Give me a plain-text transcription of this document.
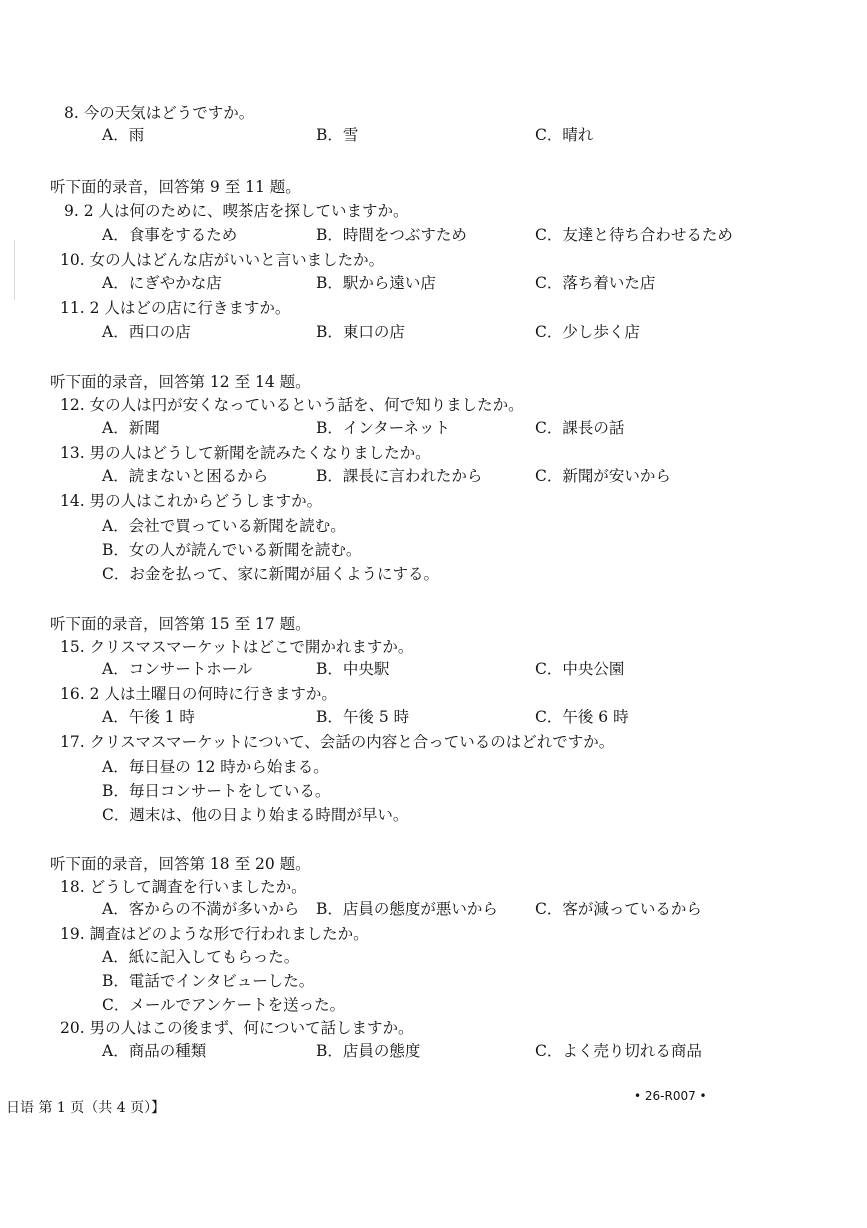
8. 今の天気はどうですか。
A．雨	B．雪	C．晴れ
听下面的录音，回答第 9 至 11 题。
9. 2 人は何のために、喫茶店を探していますか。
A．食事をするため	B．時間をつぶすため	C．友達と待ち合わせるため
10. 女の人はどんな店がいいと言いましたか。
A．にぎやかな店	B．駅から遠い店	C．落ち着いた店
11. 2 人はどの店に行きますか。
A．西口の店	B．東口の店	C．少し歩く店
听下面的录音，回答第 12 至 14 题。
12. 女の人は円が安くなっているという話を、何で知りましたか。
A．新聞	B．インターネット	C．課長の話
13. 男の人はどうして新聞を読みたくなりましたか。
A．読まないと困るから	B．課長に言われたから	C．新聞が安いから
14. 男の人はこれからどうしますか。
A．会社で買っている新聞を読む。
B．女の人が読んでいる新聞を読む。
C．お金を払って、家に新聞が届くようにする。
听下面的录音，回答第 15 至 17 题。
15. クリスマスマーケットはどこで開かれますか。
A．コンサートホール	B．中央駅	C．中央公園
16. 2 人は土曜日の何時に行きますか。
A．午後 1 時	B．午後 5 時	C．午後 6 時
17. クリスマスマーケットについて、会話の内容と合っているのはどれですか。
A．毎日昼の 12 時から始まる。
B．毎日コンサートをしている。
C．週末は、他の日より始まる時間が早い。
听下面的录音，回答第 18 至 20 题。
18. どうして調査を行いましたか。
A．客からの不満が多いから B．店員の態度が悪いから C．客が減っているから
19. 調査はどのような形で行われましたか。
A．紙に記入してもらった。
B．電話でインタビューした。
C．メールでアンケートを送った。
20. 男の人はこの後まず、何について話しますか。
A．商品の種類	B．店員の態度	C．よく売り切れる商品
日语 第 1 页（共 4 页）】
• 26-R007 •
